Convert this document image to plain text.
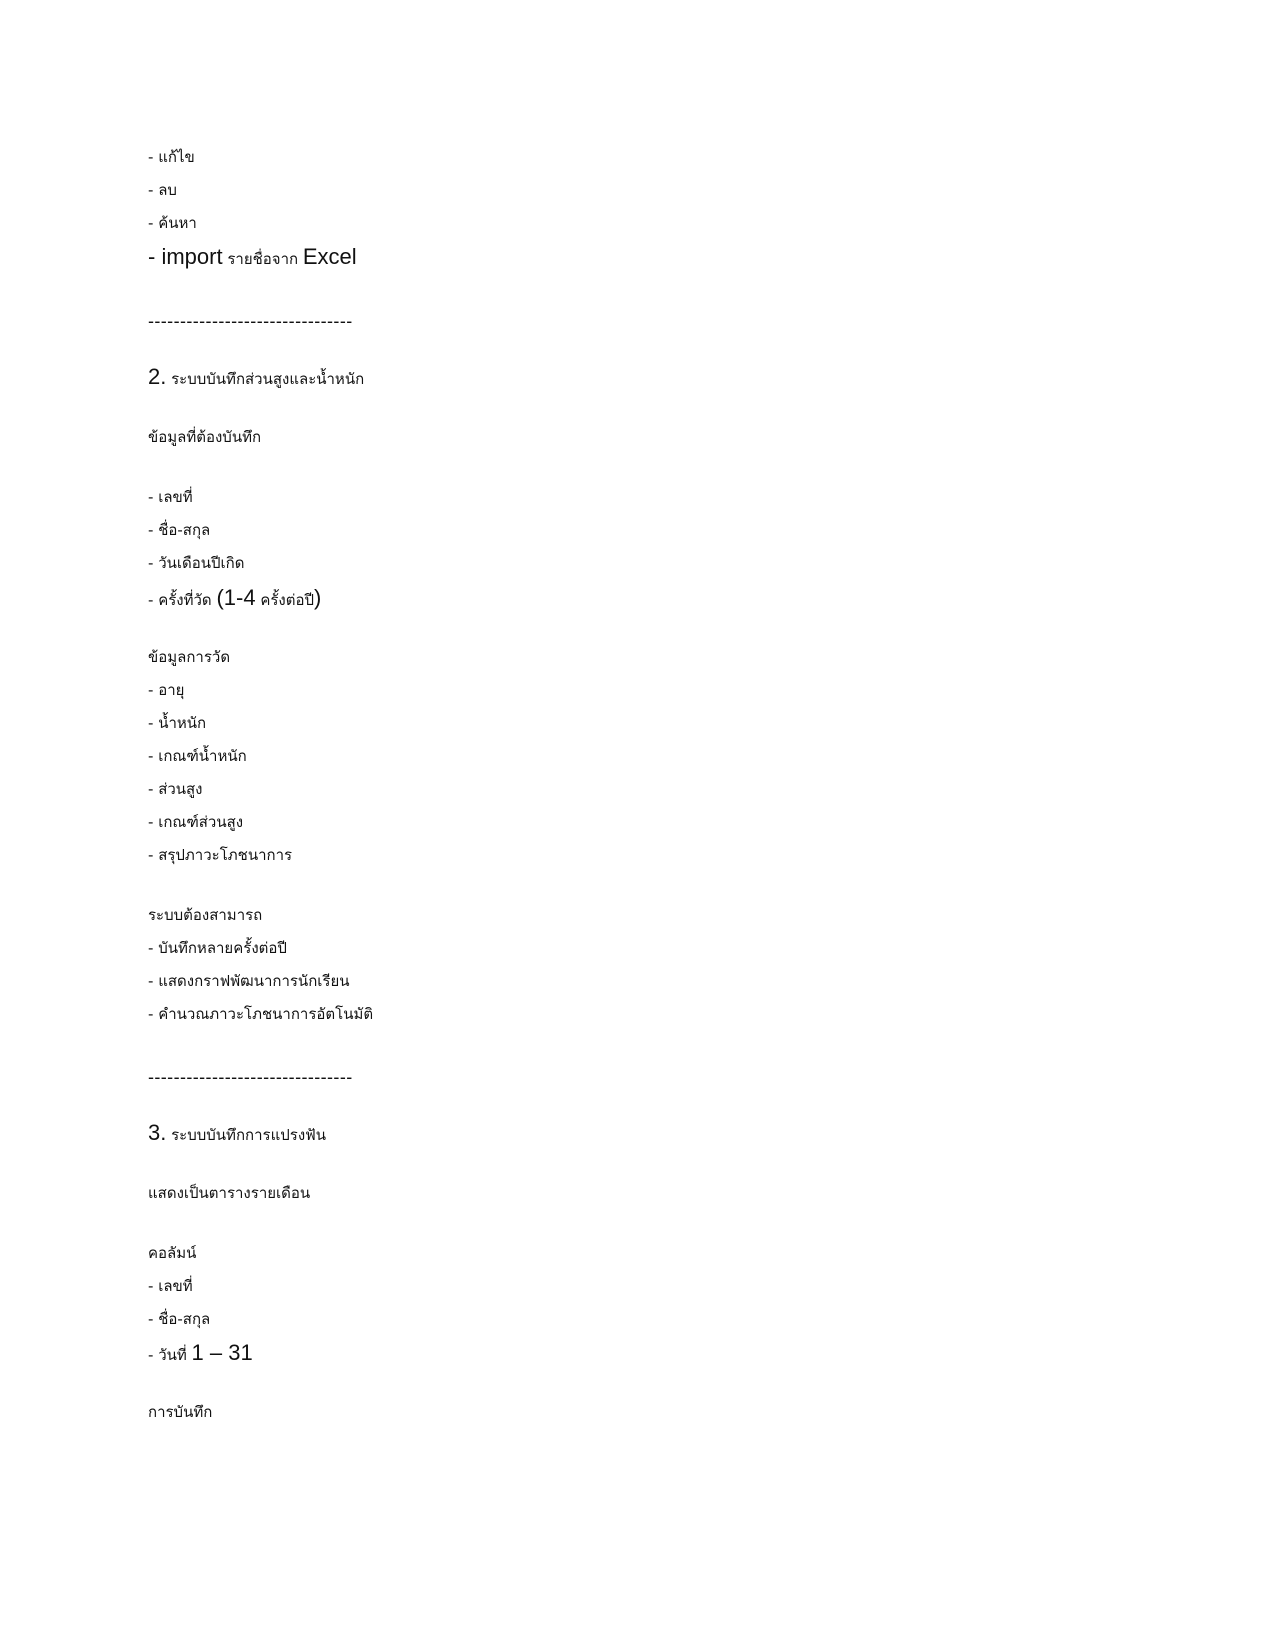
- แก้ไข
- ลบ
- ค้นหา
- import รายชื่อจาก Excel
--------------------------------
2. ระบบบันทึกส่วนสูงและน้ำหนัก
ข้อมูลที่ต้องบันทึก
- เลขที่
- ชื่อ-สกุล
- วันเดือนปีเกิด
- ครั้งที่วัด (1-4 ครั้งต่อปี)
ข้อมูลการวัด
- อายุ
- น้ำหนัก
- เกณฑ์น้ำหนัก
- ส่วนสูง
- เกณฑ์ส่วนสูง
- สรุปภาวะโภชนาการ
ระบบต้องสามารถ
- บันทึกหลายครั้งต่อปี
- แสดงกราฟพัฒนาการนักเรียน
- คำนวณภาวะโภชนาการอัตโนมัติ
--------------------------------
3. ระบบบันทึกการแปรงฟัน
แสดงเป็นตารางรายเดือน
คอลัมน์
- เลขที่
- ชื่อ-สกุล
- วันที่ 1 – 31
การบันทึก
